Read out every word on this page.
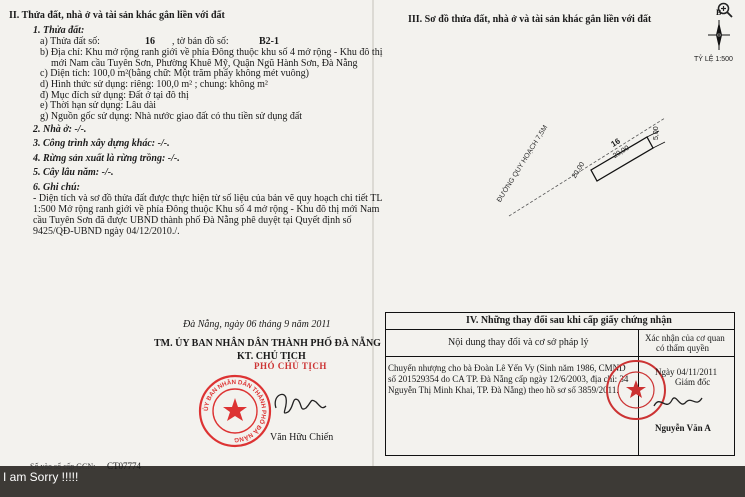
II. Thửa đất, nhà ở và tài sản khác gắn liền với đất
1. Thửa đất:
a) Thửa đất số:	16 , tờ bản đồ số:	B2-1
b) Địa chỉ: Khu mở rộng ranh giới về phía Đông thuộc khu số 4 mở rộng - Khu đô thị
mới Nam cầu Tuyên Sơn, Phường Khuê Mỹ, Quận Ngũ Hành Sơn, Đà Nẵng
c) Diện tích: 100,0 m²(bằng chữ: Một trăm phẩy không mét vuông)
d) Hình thức sử dụng: riêng: 100,0 m² ; chung: không m²
đ) Mục đích sử dụng: Đất ở tại đô thị
e) Thời hạn sử dụng: Lâu dài
g) Nguồn gốc sử dụng: Nhà nước giao đất có thu tiền sử dụng đất
2. Nhà ở: -/-.
3. Công trình xây dựng khác: -/-.
4. Rừng sản xuất là rừng trồng: -/-.
5. Cây lâu năm: -/-.
6. Ghi chú:
- Diện tích và sơ đồ thửa đất được thực hiện từ số liệu của bản vẽ quy hoạch chi tiết TL
1:500 Mở rộng ranh giới về phía Đông thuộc Khu số 4 mở rộng - Khu đô thị mới Nam
cầu Tuyên Sơn đã được UBND thành phố Đà Nẵng phê duyệt tại Quyết định số
9425/QĐ-UBND ngày 04/12/2010./.
Đà Nẵng, ngày 06 tháng 9 năm 2011
TM. ỦY BAN NHÂN DÂN THÀNH PHỐ ĐÀ NẴNG
KT. CHỦ TỊCH
PHÓ CHỦ TỊCH
ỦY BAN NHÂN DÂN THÀNH PHỐ ĐÀ NẴNG	Văn Hữu Chiến
Số vào sổ cấp GCN: CT07774
III. Sơ đồ thửa đất, nhà ở và tài sản khác gắn liền với đất
B
TỶ LỆ 1:500
ĐƯỜNG QUY HOẠCH 7,5M	20,00
20,00
5,00
16
IV. Những thay đổi sau khi cấp giấy chứng nhận
Nội dung thay đổi và cơ sở pháp lý	Xác nhận của cơ quan
có thẩm quyền
Chuyển nhượng cho bà Đoàn Lê Yến Vy (Sinh năm 1986, CMND
số 201529354 do CA TP. Đà Nẵng cấp ngày 12/6/2003, địa chỉ: 34
Nguyễn Thị Minh Khai, TP. Đà Nẵng) theo hồ sơ số 3859/2011.
Ngày 04/11/2011
Giám đốc
Nguyễn Văn A
I am Sorry !!!!!
